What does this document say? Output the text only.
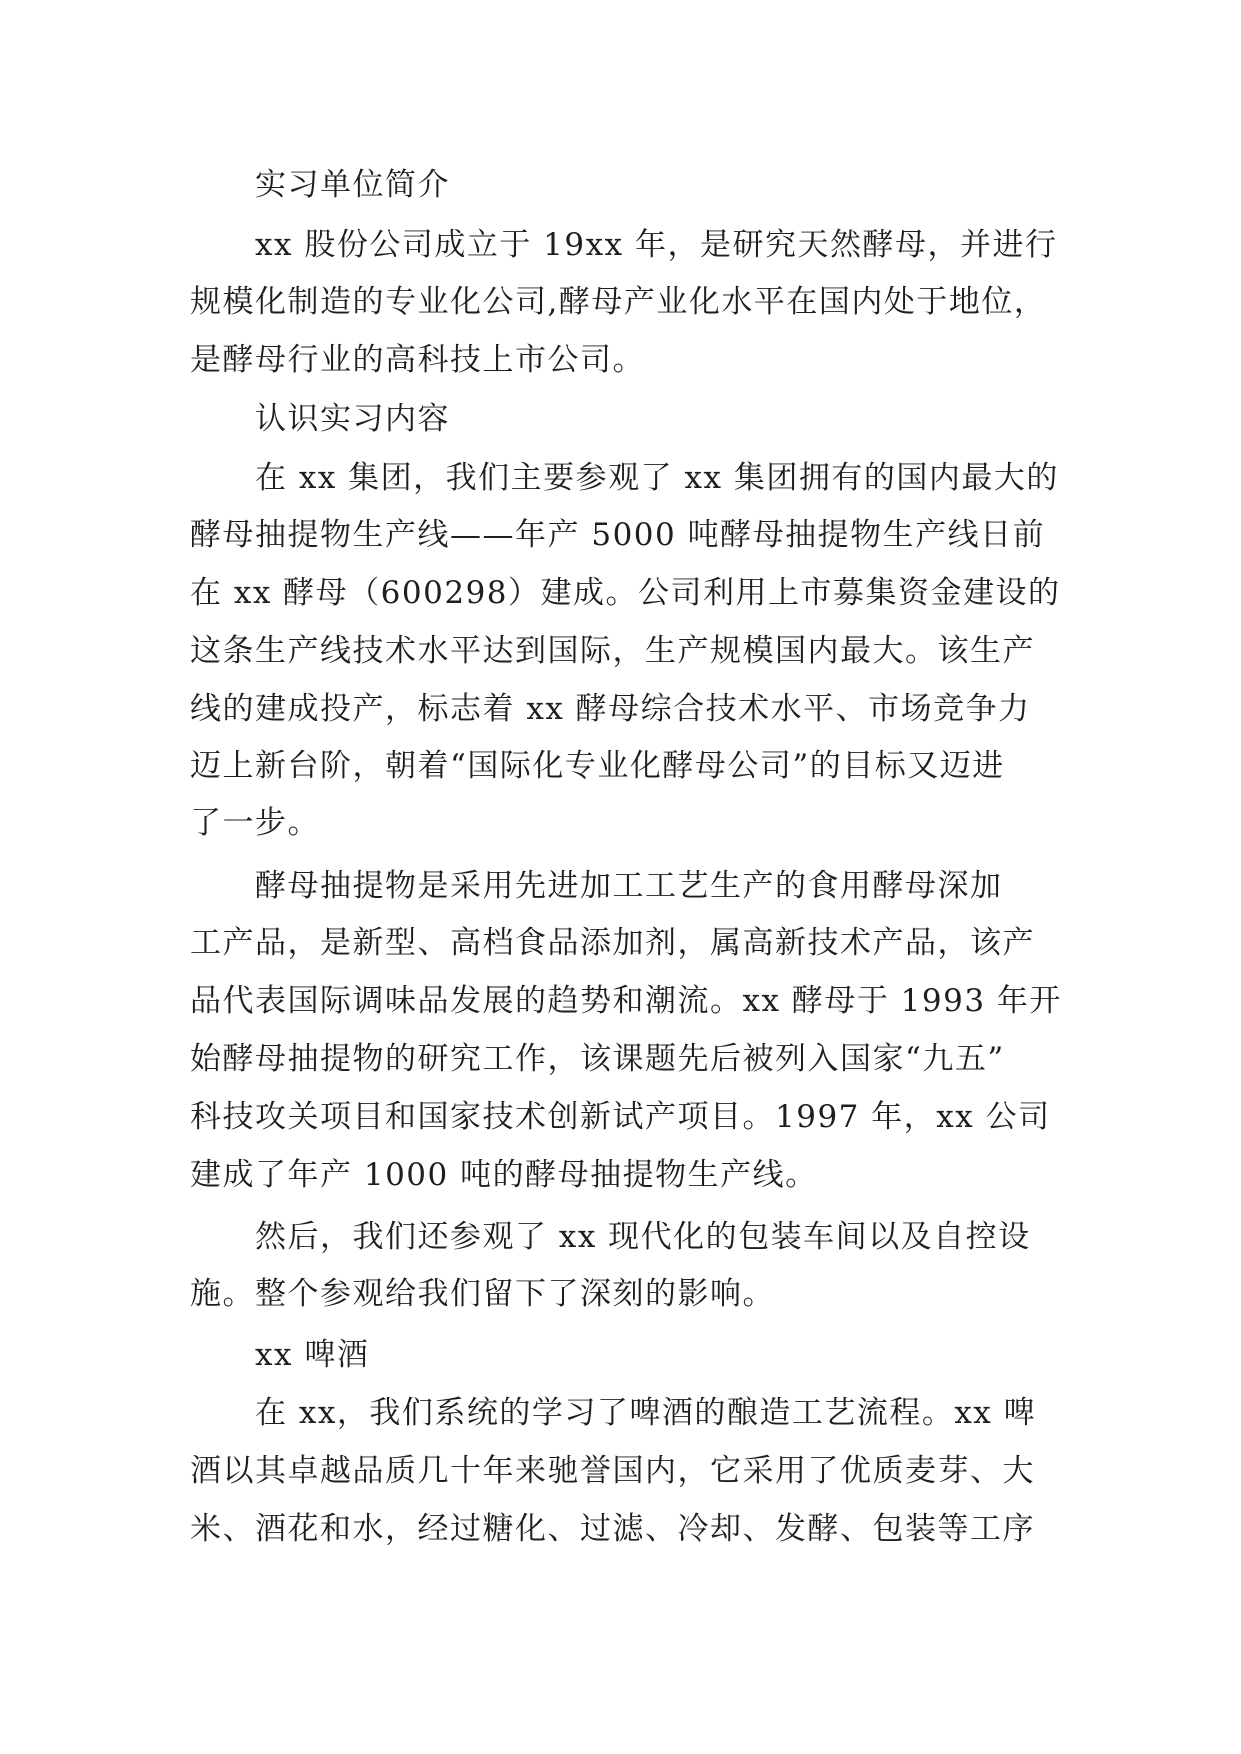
实习单位简介
xx 股份公司成立于 19xx 年，是研究天然酵母，并进行
规模化制造的专业化公司,酵母产业化水平在国内处于地位，
是酵母行业的高科技上市公司。
认识实习内容
在 xx 集团，我们主要参观了 xx 集团拥有的国内最大的
酵母抽提物生产线——年产 5000 吨酵母抽提物生产线日前
在 xx 酵母（600298）建成。公司利用上市募集资金建设的
这条生产线技术水平达到国际，生产规模国内最大。该生产
线的建成投产，标志着 xx 酵母综合技术水平、市场竞争力
迈上新台阶，朝着“国际化专业化酵母公司”的目标又迈进
了一步。
酵母抽提物是采用先进加工工艺生产的食用酵母深加
工产品，是新型、高档食品添加剂，属高新技术产品，该产
品代表国际调味品发展的趋势和潮流。xx 酵母于 1993 年开
始酵母抽提物的研究工作，该课题先后被列入国家“九五”
科技攻关项目和国家技术创新试产项目。1997 年，xx 公司
建成了年产 1000 吨的酵母抽提物生产线。
然后，我们还参观了 xx 现代化的包装车间以及自控设
施。整个参观给我们留下了深刻的影响。
xx 啤酒
在 xx，我们系统的学习了啤酒的酿造工艺流程。xx 啤
酒以其卓越品质几十年来驰誉国内，它采用了优质麦芽、大
米、酒花和水，经过糖化、过滤、冷却、发酵、包装等工序
